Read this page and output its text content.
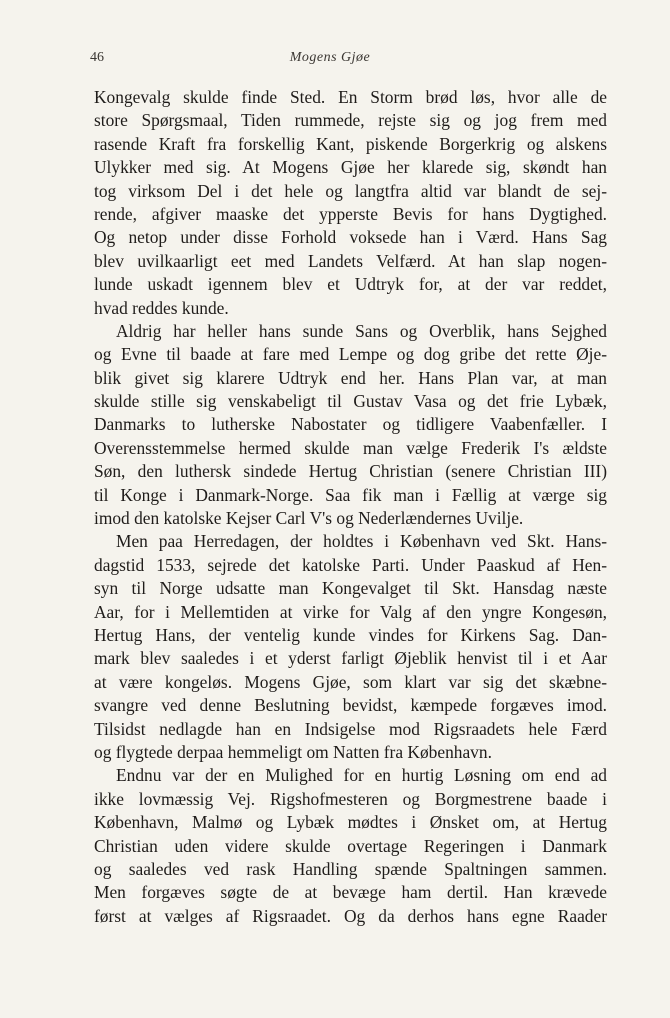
46	Mogens Gjøe
Kongevalg skulde finde Sted. En Storm brød løs, hvor alle de
store Spørgsmaal, Tiden rummede, rejste sig og jog frem med
rasende Kraft fra forskellig Kant, piskende Borgerkrig og alskens
Ulykker med sig. At Mogens Gjøe her klarede sig, skøndt han
tog virksom Del i det hele og langtfra altid var blandt de sej-
rende, afgiver maaske det ypperste Bevis for hans Dygtighed.
Og netop under disse Forhold voksede han i Værd. Hans Sag
blev uvilkaarligt eet med Landets Velfærd. At han slap nogen-
lunde uskadt igennem blev et Udtryk for, at der var reddet,
hvad reddes kunde.
Aldrig har heller hans sunde Sans og Overblik, hans Sejghed
og Evne til baade at fare med Lempe og dog gribe det rette Øje-
blik givet sig klarere Udtryk end her. Hans Plan var, at man
skulde stille sig venskabeligt til Gustav Vasa og det frie Lybæk,
Danmarks to lutherske Nabostater og tidligere Vaabenfæller. I
Overensstemmelse hermed skulde man vælge Frederik I's ældste
Søn, den luthersk sindede Hertug Christian (senere Christian III)
til Konge i Danmark-Norge. Saa fik man i Fællig at værge sig
imod den katolske Kejser Carl V's og Nederlændernes Uvilje.
Men paa Herredagen, der holdtes i København ved Skt. Hans-
dagstid 1533, sejrede det katolske Parti. Under Paaskud af Hen-
syn til Norge udsatte man Kongevalget til Skt. Hansdag næste
Aar, for i Mellemtiden at virke for Valg af den yngre Kongesøn,
Hertug Hans, der ventelig kunde vindes for Kirkens Sag. Dan-
mark blev saaledes i et yderst farligt Øjeblik henvist til i et Aar
at være kongeløs. Mogens Gjøe, som klart var sig det skæbne-
svangre ved denne Beslutning bevidst, kæmpede forgæves imod.
Tilsidst nedlagde han en Indsigelse mod Rigsraadets hele Færd
og flygtede derpaa hemmeligt om Natten fra København.
Endnu var der en Mulighed for en hurtig Løsning om end ad
ikke lovmæssig Vej. Rigshofmesteren og Borgmestrene baade i
København, Malmø og Lybæk mødtes i Ønsket om, at Hertug
Christian uden videre skulde overtage Regeringen i Danmark
og saaledes ved rask Handling spænde Spaltningen sammen.
Men forgæves søgte de at bevæge ham dertil. Han krævede
først at vælges af Rigsraadet. Og da derhos hans egne Raader
